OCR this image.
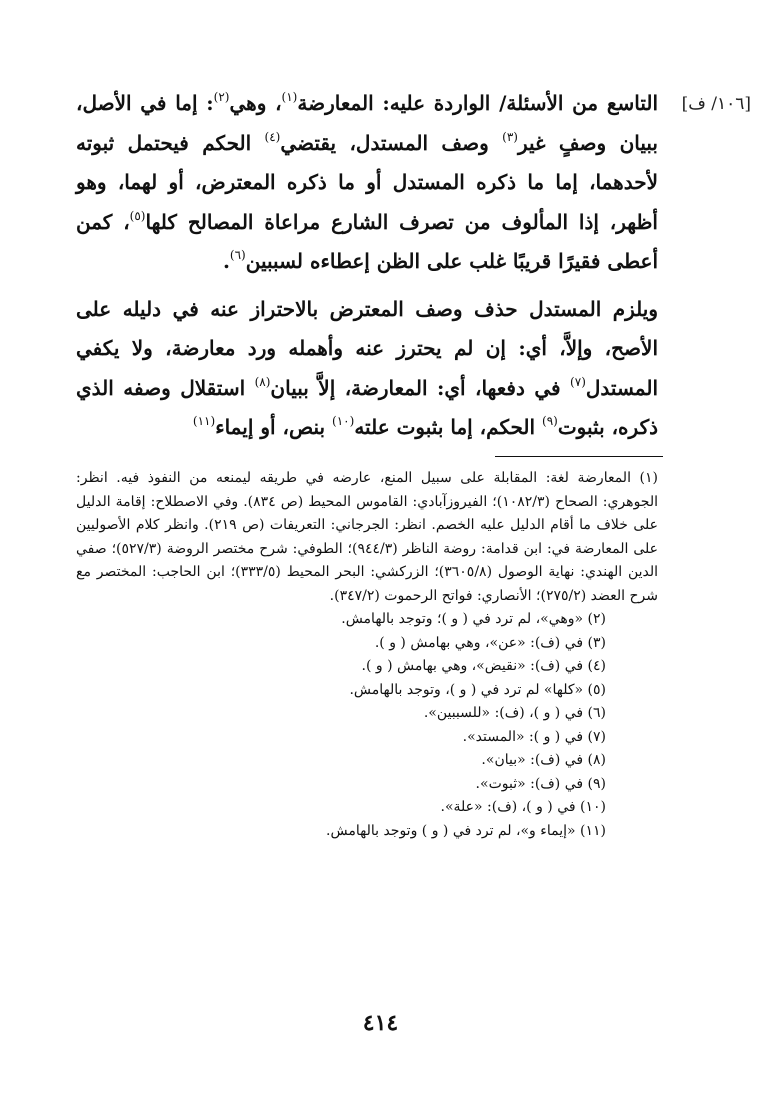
[١٠٦/ ف]

التاسع من الأسئلة/ الواردة عليه: المعارضة$^{(١)}$، وهي$^{(٢)}$: إما في الأصل، ببيان وصفٍ غير$^{(٣)}$ وصف المستدل، يقتضي$^{(٤)}$ الحكم فيحتمل ثبوته لأحدهما، إما ما ذكره المستدل أو ما ذكره المعترض، أو لهما، وهو أظهر، إذا المألوف من تصرف الشارع مراعاة المصالح كلها$^{(٥)}$، كمن أعطى فقيرًا قريبًا غلب على الظن إعطاءه لسببين$^{(٦)}$.

ويلزم المستدل حذف وصف المعترض بالاحتراز عنه في دليله على الأصح، وإلاَّ، أي: إن لم يحترز عنه وأهمله ورد معارضة، ولا يكفي المستدل$^{(٧)}$ في دفعها، أي: المعارضة، إلاَّ ببيان$^{(٨)}$ استقلال وصفه الذي ذكره، بثبوت$^{(٩)}$ الحكم، إما بثبوت علته$^{(١٠)}$ بنص، أو إيماء$^{(١١)}$

(١) المعارضة لغة: المقابلة على سبيل المنع، عارضه في طريقه ليمنعه من النفوذ فيه. انظر: الجوهري: الصحاح (١٠٨٢/٣)؛ الفيروزآبادي: القاموس المحيط (ص ٨٣٤). وفي الاصطلاح: إقامة الدليل على خلاف ما أقام الدليل عليه الخصم. انظر: الجرجاني: التعريفات (ص ٢١٩). وانظر كلام الأصوليين على المعارضة في: ابن قدامة: روضة الناظر (٩٤٤/٣)؛ الطوفي: شرح مختصر الروضة (٥٢٧/٣)؛ صفي الدين الهندي: نهاية الوصول (٣٦٠٥/٨)؛ الزركشي: البحر المحيط (٣٣٣/٥)؛ ابن الحاجب: المختصر مع شرح العضد (٢٧٥/٢)؛ الأنصاري: فواتح الرحموت (٣٤٧/٢).
(٢) «وهي»، لم ترد في ( و )؛ وتوجد بالهامش.
(٣) في (ف): «عن»، وهي بهامش ( و ).
(٤) في (ف): «نقيض»، وهي بهامش ( و ).
(٥) «كلها» لم ترد في ( و )، وتوجد بالهامش.
(٦) في ( و )، (ف): «للسببين».
(٧) في ( و ): «المستد».
(٨) في (ف): «بيان».
(٩) في (ف): «ثبوت».
(١٠) في ( و )، (ف): «علة».
(١١) «إيماء و»، لم ترد في ( و ) وتوجد بالهامش.
٤١٤
